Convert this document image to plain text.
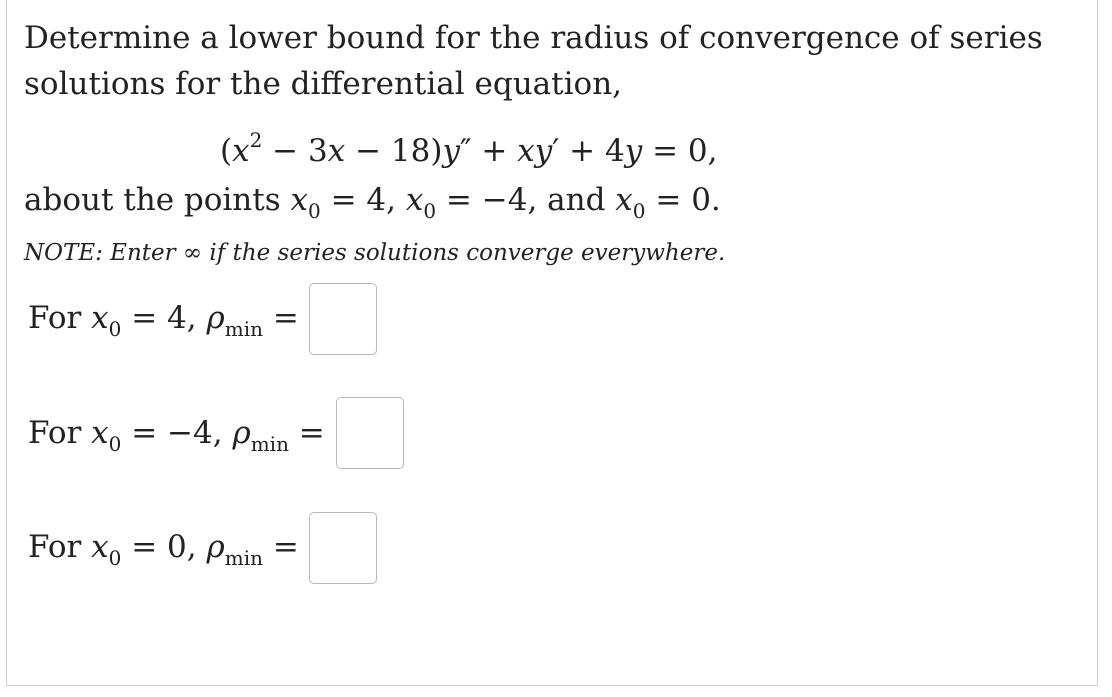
Determine a lower bound for the radius of convergence of series
solutions for the differential equation,
$(x^2 - 3x - 18)y'' + xy' + 4y = 0$,
about the points $x_0 = 4$, $x_0 = -4$, and $x_0 = 0$.
NOTE: Enter ∞ if the series solutions converge everywhere.
For $x_0 = 4$, $\rho_{min}$ =
For $x_0 = -4$, $\rho_{min}$ =
For $x_0 = 0$, $\rho_{min}$ =
